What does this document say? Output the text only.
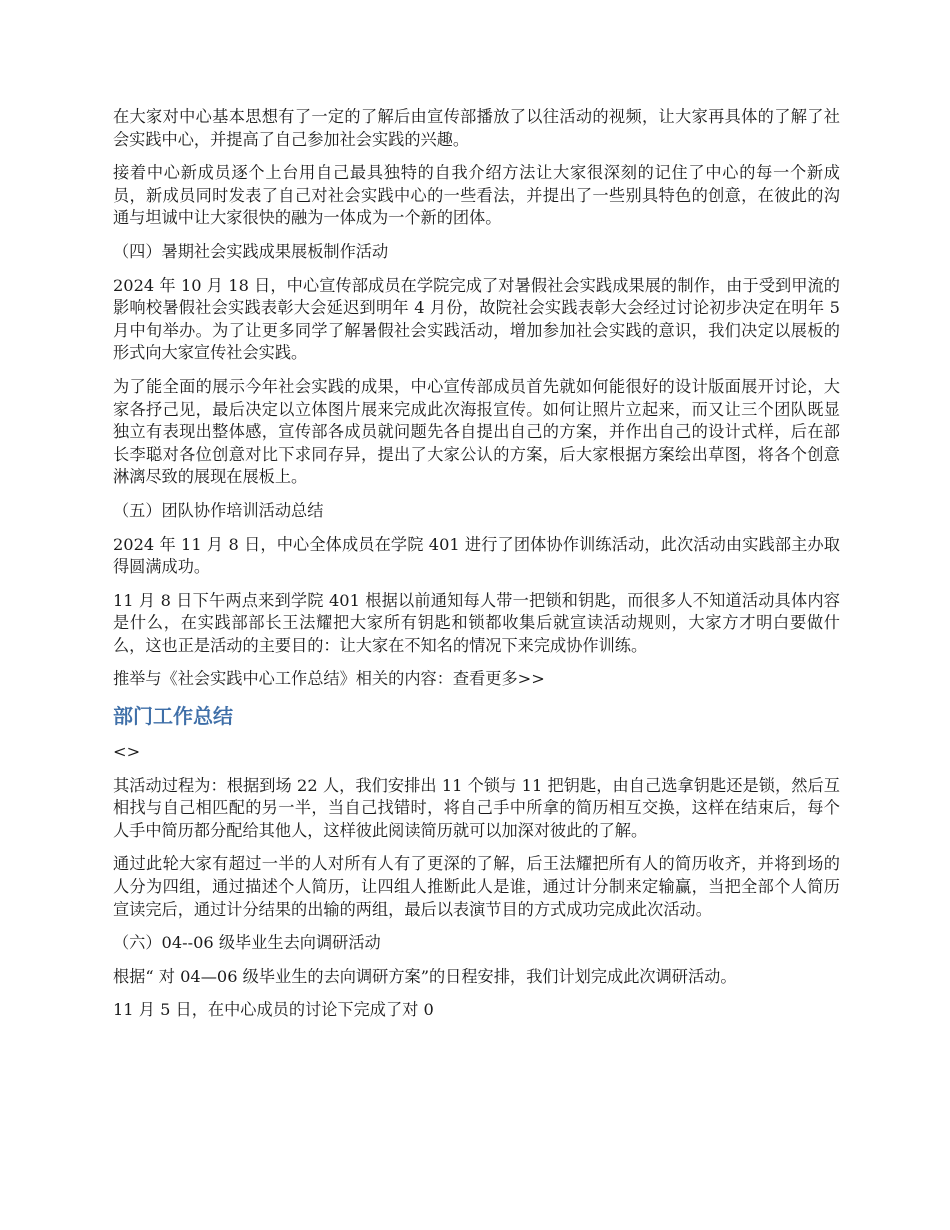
在大家对中心基本思想有了一定的了解后由宣传部播放了以往活动的视频，让大家再具体的了解了社会实践中心，并提高了自己参加社会实践的兴趣。

接着中心新成员逐个上台用自己最具独特的自我介绍方法让大家很深刻的记住了中心的每一个新成员，新成员同时发表了自己对社会实践中心的一些看法，并提出了一些别具特色的创意，在彼此的沟通与坦诚中让大家很快的融为一体成为一个新的团体。

（四）暑期社会实践成果展板制作活动

2024 年 10 月 18 日，中心宣传部成员在学院完成了对暑假社会实践成果展的制作，由于受到甲流的影响校暑假社会实践表彰大会延迟到明年 4 月份，故院社会实践表彰大会经过讨论初步决定在明年 5 月中旬举办。为了让更多同学了解暑假社会实践活动，增加参加社会实践的意识，我们决定以展板的形式向大家宣传社会实践。

为了能全面的展示今年社会实践的成果，中心宣传部成员首先就如何能很好的设计版面展开讨论，大家各抒己见，最后决定以立体图片展来完成此次海报宣传。如何让照片立起来，而又让三个团队既显独立有表现出整体感，宣传部各成员就问题先各自提出自己的方案，并作出自己的设计式样，后在部长李聪对各位创意对比下求同存异，提出了大家公认的方案，后大家根据方案绘出草图，将各个创意淋漓尽致的展现在展板上。

（五）团队协作培训活动总结

2024 年 11 月 8 日，中心全体成员在学院 401 进行了团体协作训练活动，此次活动由实践部主办取得圆满成功。

11 月 8 日下午两点来到学院 401 根据以前通知每人带一把锁和钥匙，而很多人不知道活动具体内容是什么，在实践部部长王法耀把大家所有钥匙和锁都收集后就宣读活动规则，大家方才明白要做什么，这也正是活动的主要目的：让大家在不知名的情况下来完成协作训练。

推举与《社会实践中心工作总结》相关的内容：查看更多>>

部门工作总结

<>

其活动过程为：根据到场 22 人，我们安排出 11 个锁与 11 把钥匙，由自己选拿钥匙还是锁，然后互相找与自己相匹配的另一半，当自己找错时，将自己手中所拿的简历相互交换，这样在结束后，每个人手中简历都分配给其他人，这样彼此阅读简历就可以加深对彼此的了解。

通过此轮大家有超过一半的人对所有人有了更深的了解，后王法耀把所有人的简历收齐，并将到场的人分为四组，通过描述个人简历，让四组人推断此人是谁，通过计分制来定输赢，当把全部个人简历宣读完后，通过计分结果的出输的两组，最后以表演节目的方式成功完成此次活动。

（六）04--06 级毕业生去向调研活动

根据“ 对 04—06 级毕业生的去向调研方案”的日程安排，我们计划完成此次调研活动。

11 月 5 日，在中心成员的讨论下完成了对 0
